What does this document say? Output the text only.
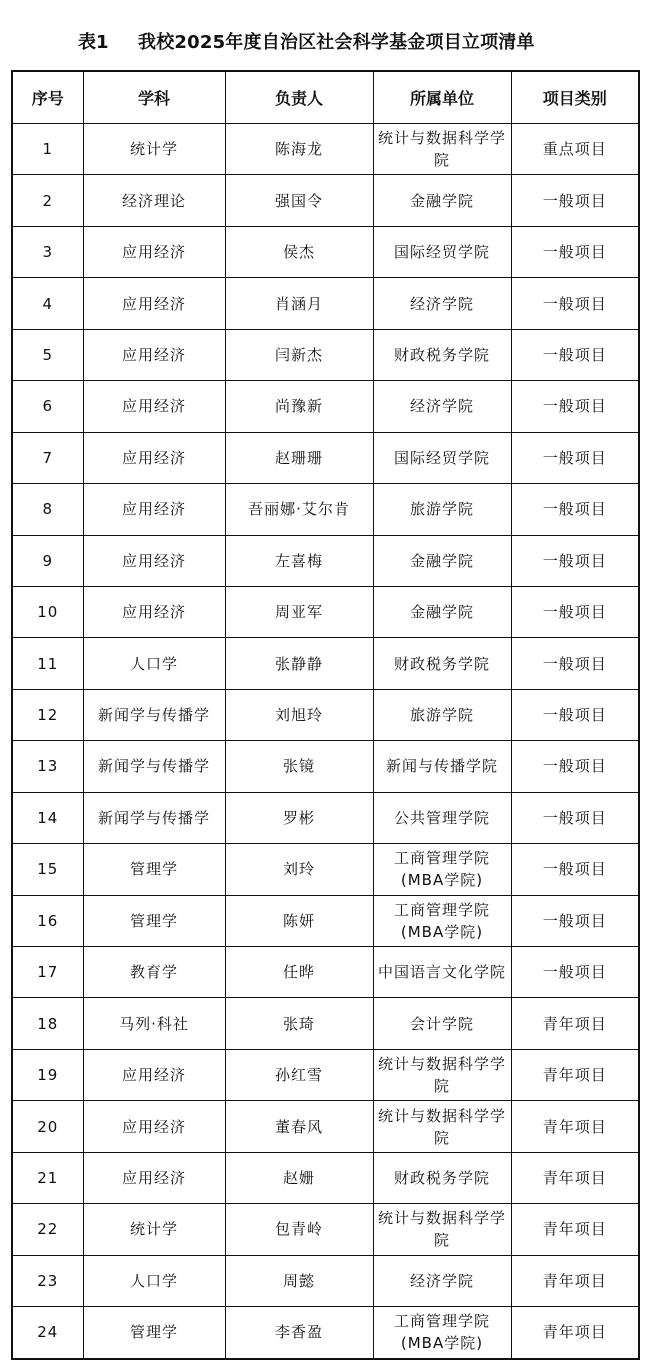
表1 我校2025年度自治区社会科学基金项目立项清单
序号	学科	负责人	所属单位	项目类别
1	统计学	陈海龙	统计与数据科学学院	重点项目
2	经济理论	强国令	金融学院	一般项目
3	应用经济	侯杰	国际经贸学院	一般项目
4	应用经济	肖涵月	经济学院	一般项目
5	应用经济	闫新杰	财政税务学院	一般项目
6	应用经济	尚豫新	经济学院	一般项目
7	应用经济	赵珊珊	国际经贸学院	一般项目
8	应用经济	吾丽娜·艾尔肯	旅游学院	一般项目
9	应用经济	左喜梅	金融学院	一般项目
10	应用经济	周亚军	金融学院	一般项目
11	人口学	张静静	财政税务学院	一般项目
12	新闻学与传播学	刘旭玲	旅游学院	一般项目
13	新闻学与传播学	张镜	新闻与传播学院	一般项目
14	新闻学与传播学	罗彬	公共管理学院	一般项目
15	管理学	刘玲	工商管理学院(MBA学院)	一般项目
16	管理学	陈妍	工商管理学院(MBA学院)	一般项目
17	教育学	任晔	中国语言文化学院	一般项目
18	马列·科社	张琦	会计学院	青年项目
19	应用经济	孙红雪	统计与数据科学学院	青年项目
20	应用经济	董春风	统计与数据科学学院	青年项目
21	应用经济	赵姗	财政税务学院	青年项目
22	统计学	包青岭	统计与数据科学学院	青年项目
23	人口学	周懿	经济学院	青年项目
24	管理学	李香盈	工商管理学院(MBA学院)	青年项目
